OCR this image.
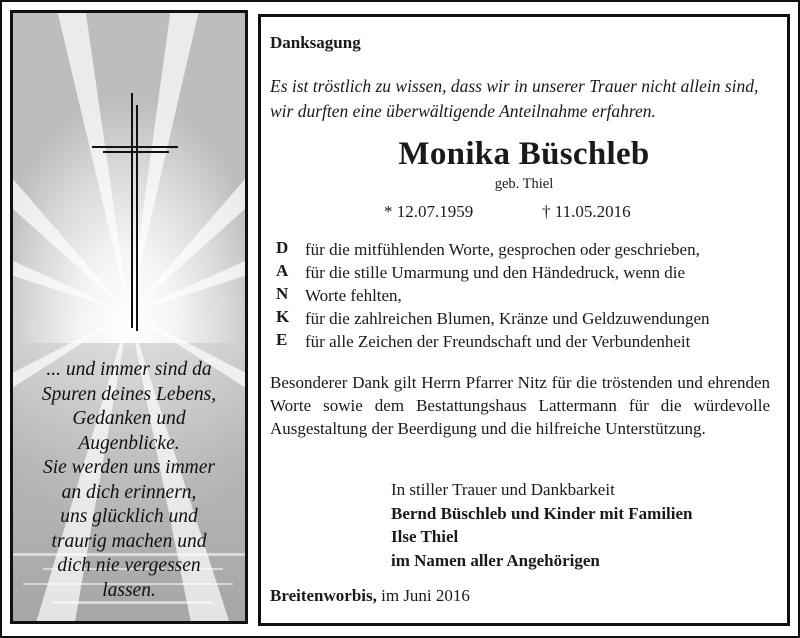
... und immer sind da
Spuren deines Lebens,
Gedanken und
Augenblicke.
Sie werden uns immer
an dich erinnern,
uns glücklich und
traurig machen und
dich nie vergessen
lassen.
Danksagung
Es ist tröstlich zu wissen, dass wir in unserer Trauer nicht allein sind, wir durften eine überwältigende Anteilnahme erfahren.
Monika Büschleb
geb. Thiel
* 12.07.1959	† 11.05.2016
D
A
N
K
E
für die mitfühlenden Worte, gesprochen oder geschrieben,
für die stille Umarmung und den Händedruck, wenn die
Worte fehlten,
für die zahlreichen Blumen, Kränze und Geldzuwendungen
für alle Zeichen der Freundschaft und der Verbundenheit
Besonderer Dank gilt Herrn Pfarrer Nitz für die tröstenden und ehrenden Worte sowie dem Bestattungshaus Lattermann für die würdevolle Ausgestaltung der Beerdigung und die hilfreiche Unterstützung.
In stiller Trauer und Dankbarkeit
Bernd Büschleb und Kinder mit Familien
Ilse Thiel
im Namen aller Angehörigen
Breitenworbis, im Juni 2016
